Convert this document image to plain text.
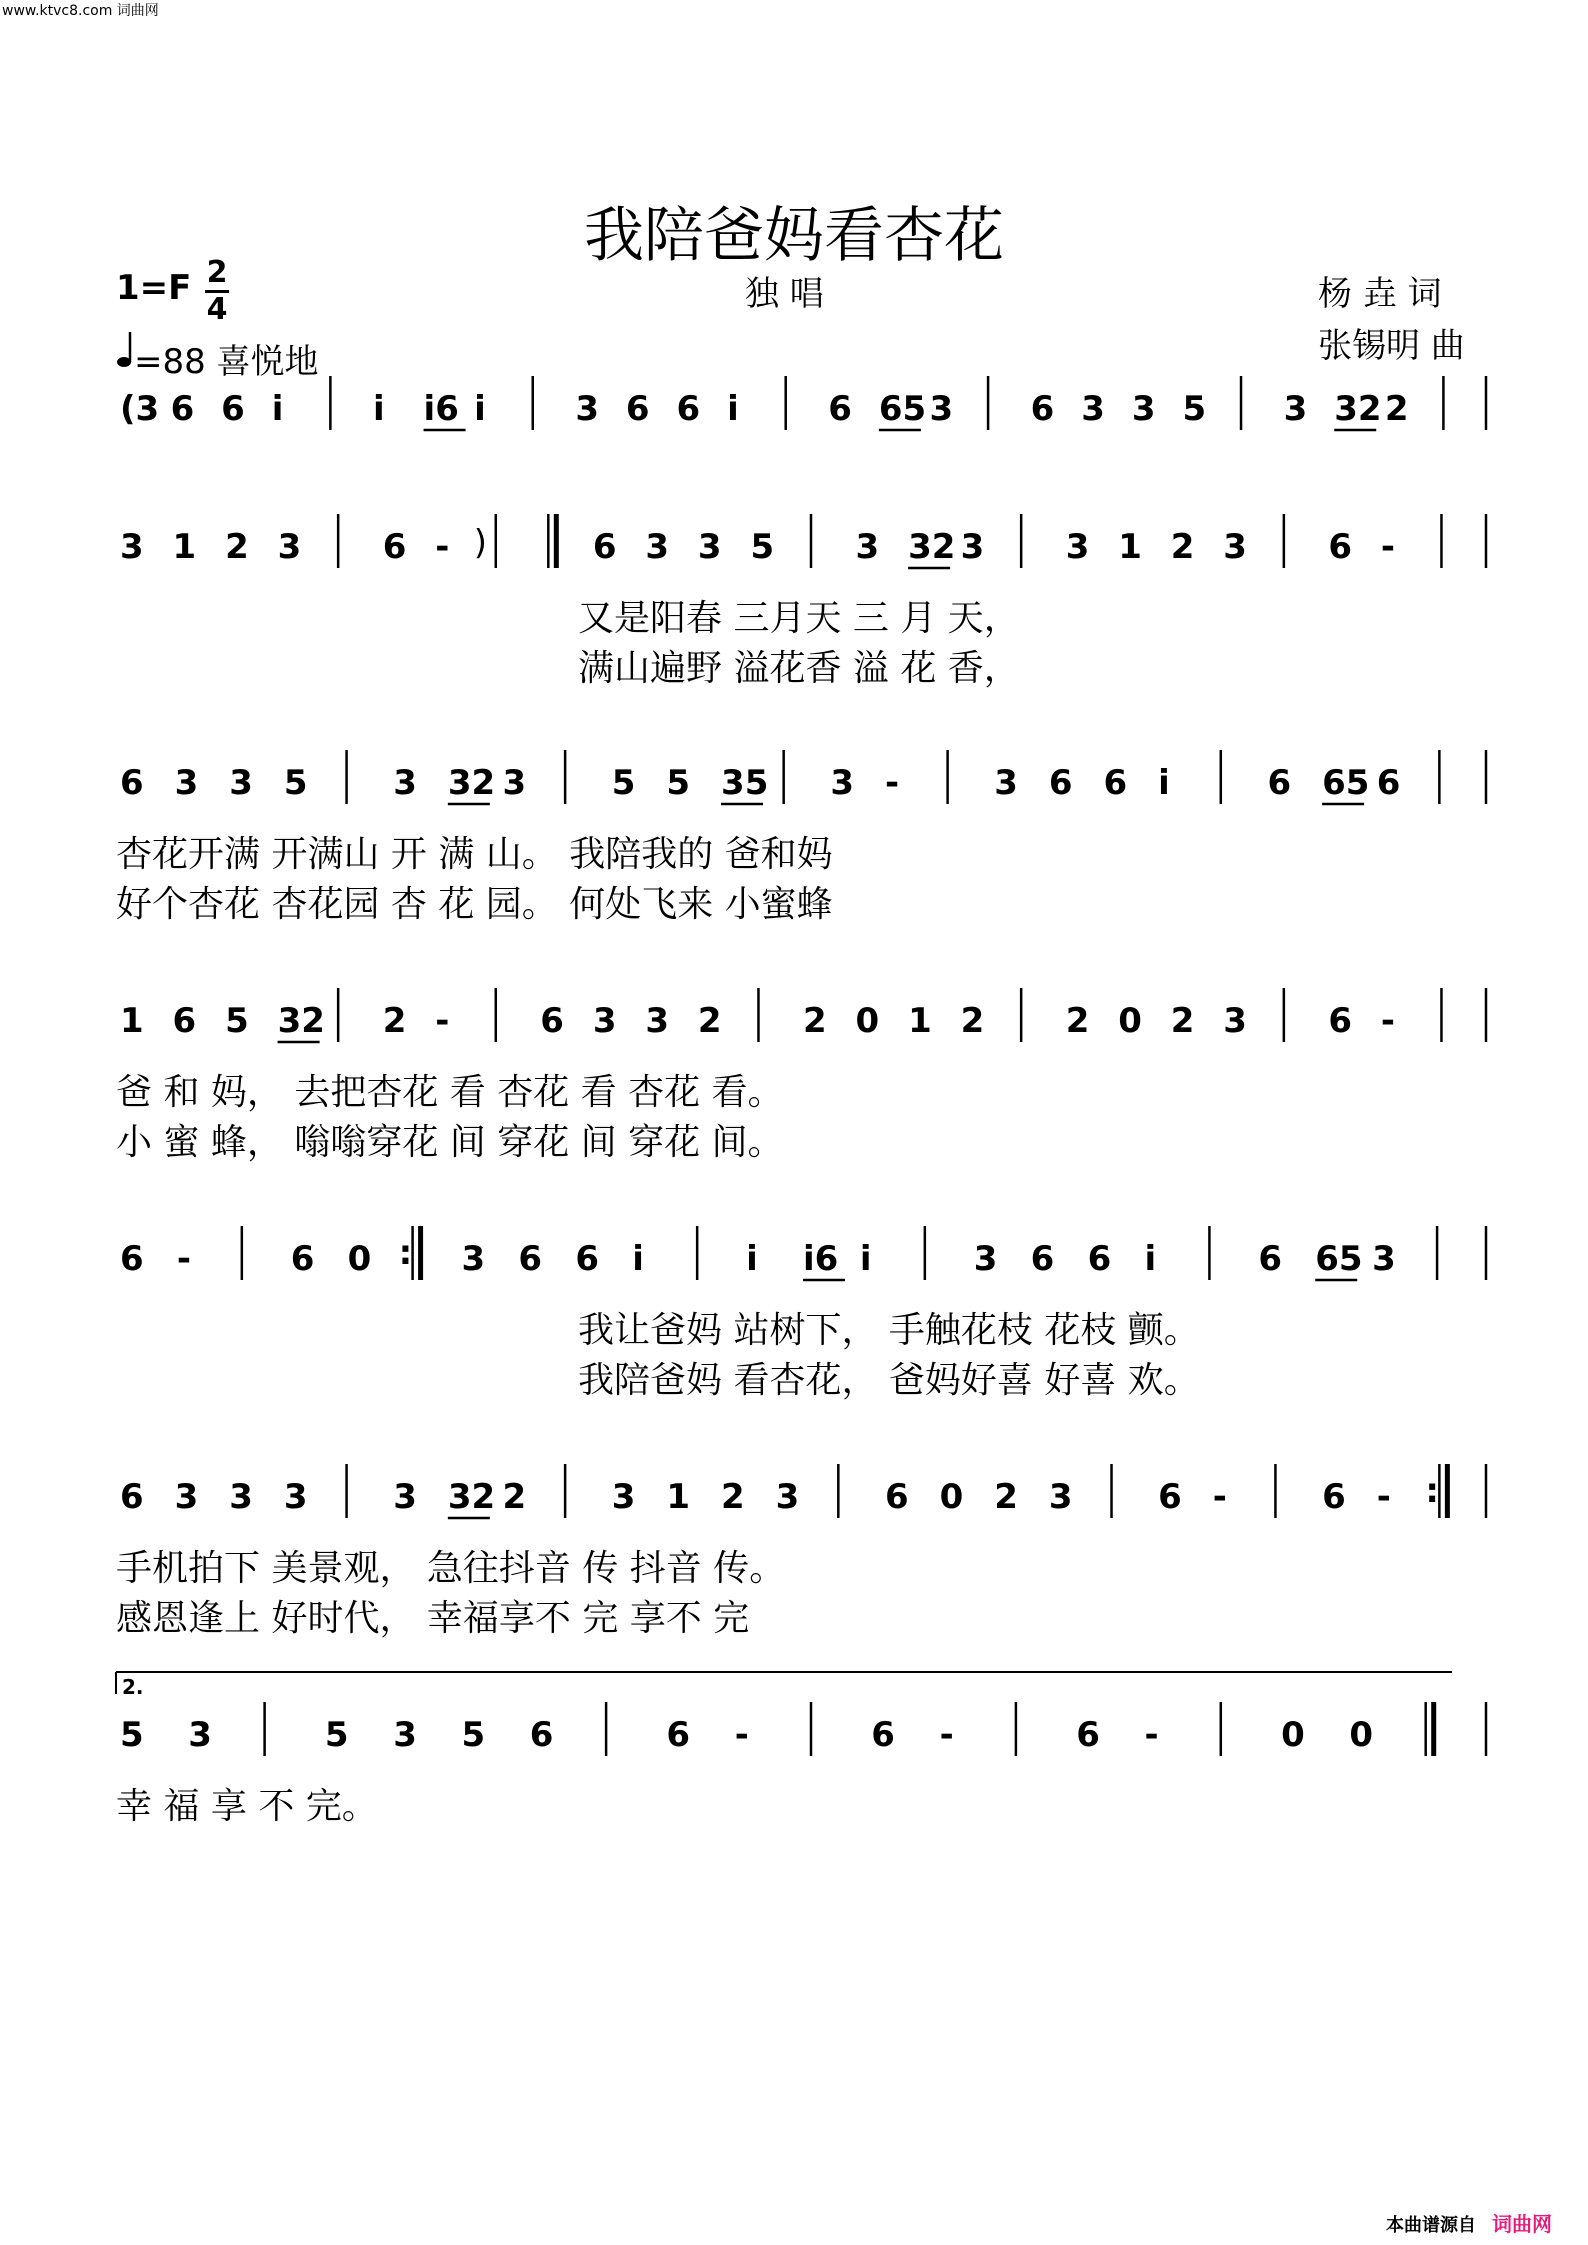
www.ktvc8.com 词曲网
我陪爸妈看杏花
1=F 2
4	独 唱	杨 垚 词
张锡明 曲
=88 喜悦地
(3 6 6 i	i i6 i	3 6 6 i	6 65 3 6 3 3 5 3 32 2
3 1 2 3 6 - )	6 3 3 5 3 32 3 3 1 2 3 6 -
6 3 3 5	3 32 3	5 5 35 3 -	3 6 6 i	6 65 6
1 6 5 32 2 -	6 3 3 2 2 0 1 2 2 0 2 3 6 -
6 -	6 0 : 3 6 6 i	i i6 i	3 6 6 i	6 65 3
6 3 3 3	3 32 2	3 1 2 3	6 0 2 3	6 -	6 - :
5 3	5 3 5 6	6 -	6 -	6 -	0 0
2.
又是阳春 三月天 三 月 天，
满山遍野 溢花香 溢 花 香，
杏花开满 开满山 开 满 山。 我陪我的 爸和妈
好个杏花 杏花园 杏 花 园。 何处飞来 小蜜蜂
爸 和 妈， 去把杏花 看 杏花 看 杏花 看。
小 蜜 蜂， 嗡嗡穿花 间 穿花 间 穿花 间。
我让爸妈 站树下， 手触花枝 花枝 颤。
我陪爸妈 看杏花， 爸妈好喜 好喜 欢。
手机拍下 美景观， 急往抖音 传 抖音 传。
感恩逢上 好时代， 幸福享不 完 享不 完
幸 福 享 不 完。
本曲谱源自 词曲网
